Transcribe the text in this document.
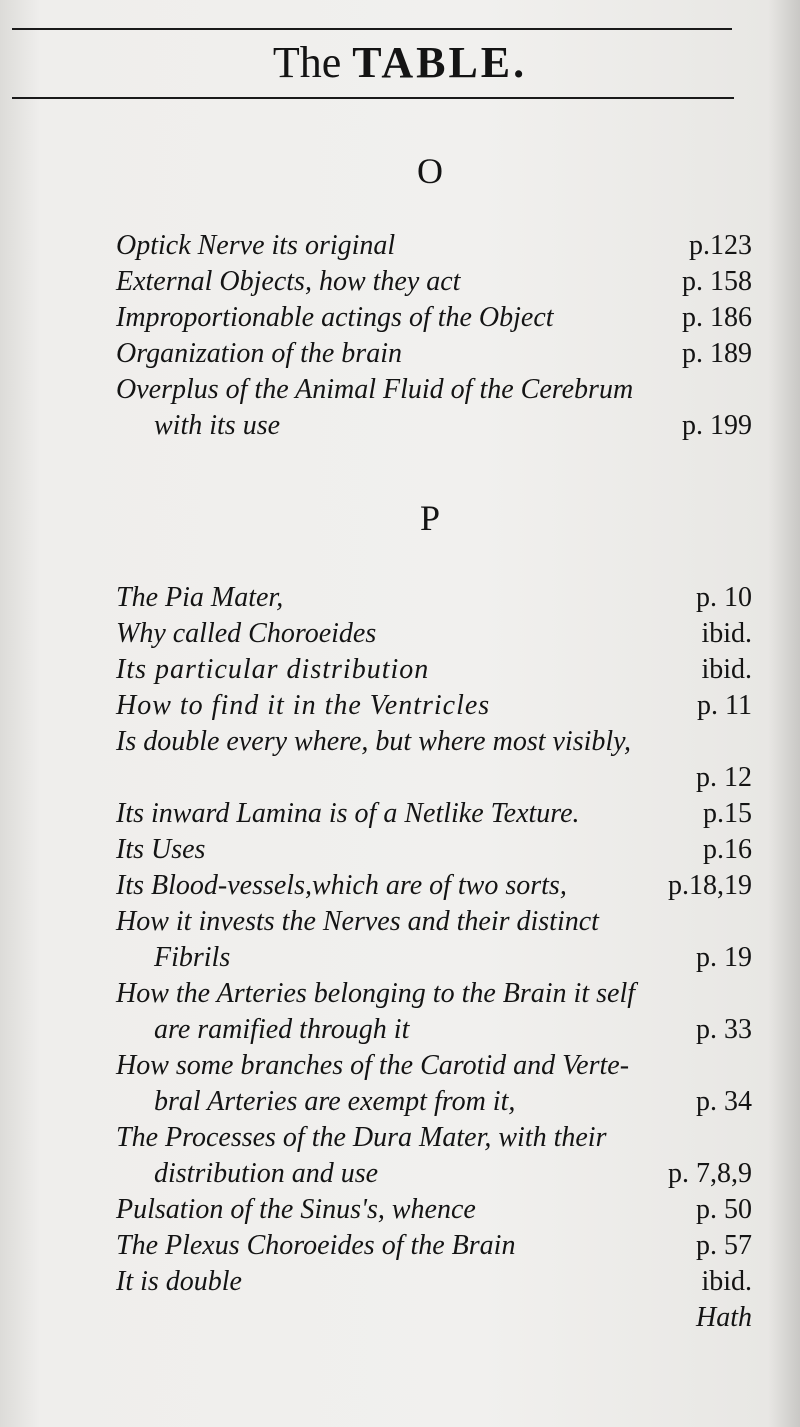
The TABLE.
O
Optick Nerve its original	p.123
External Objects, how they act	p. 158
Improportionable actings of the Object	p. 186
Organization of the brain	p. 189
Overplus of the Animal Fluid of the Cerebrum
with its use	p. 199
P
The Pia Mater,	p. 10
Why called Choroeides	ibid.
Its particular distribution	ibid.
How to find it in the Ventricles	p. 11
Is double every where, but where most visibly,
p. 12
Its inward Lamina is of a Netlike Texture.	p.15
Its Uses	p.16
Its Blood-vessels,which are of two sorts,	p.18,19
How it invests the Nerves and their distinct
Fibrils	p. 19
How the Arteries belonging to the Brain it self
are ramified through it	p. 33
How some branches of the Carotid and Verte-
bral Arteries are exempt from it,	p. 34
The Processes of the Dura Mater, with their
distribution and use	p. 7,8,9
Pulsation of the Sinus's, whence	p. 50
The Plexus Choroeides of the Brain	p. 57
It is double	ibid.
Hath
